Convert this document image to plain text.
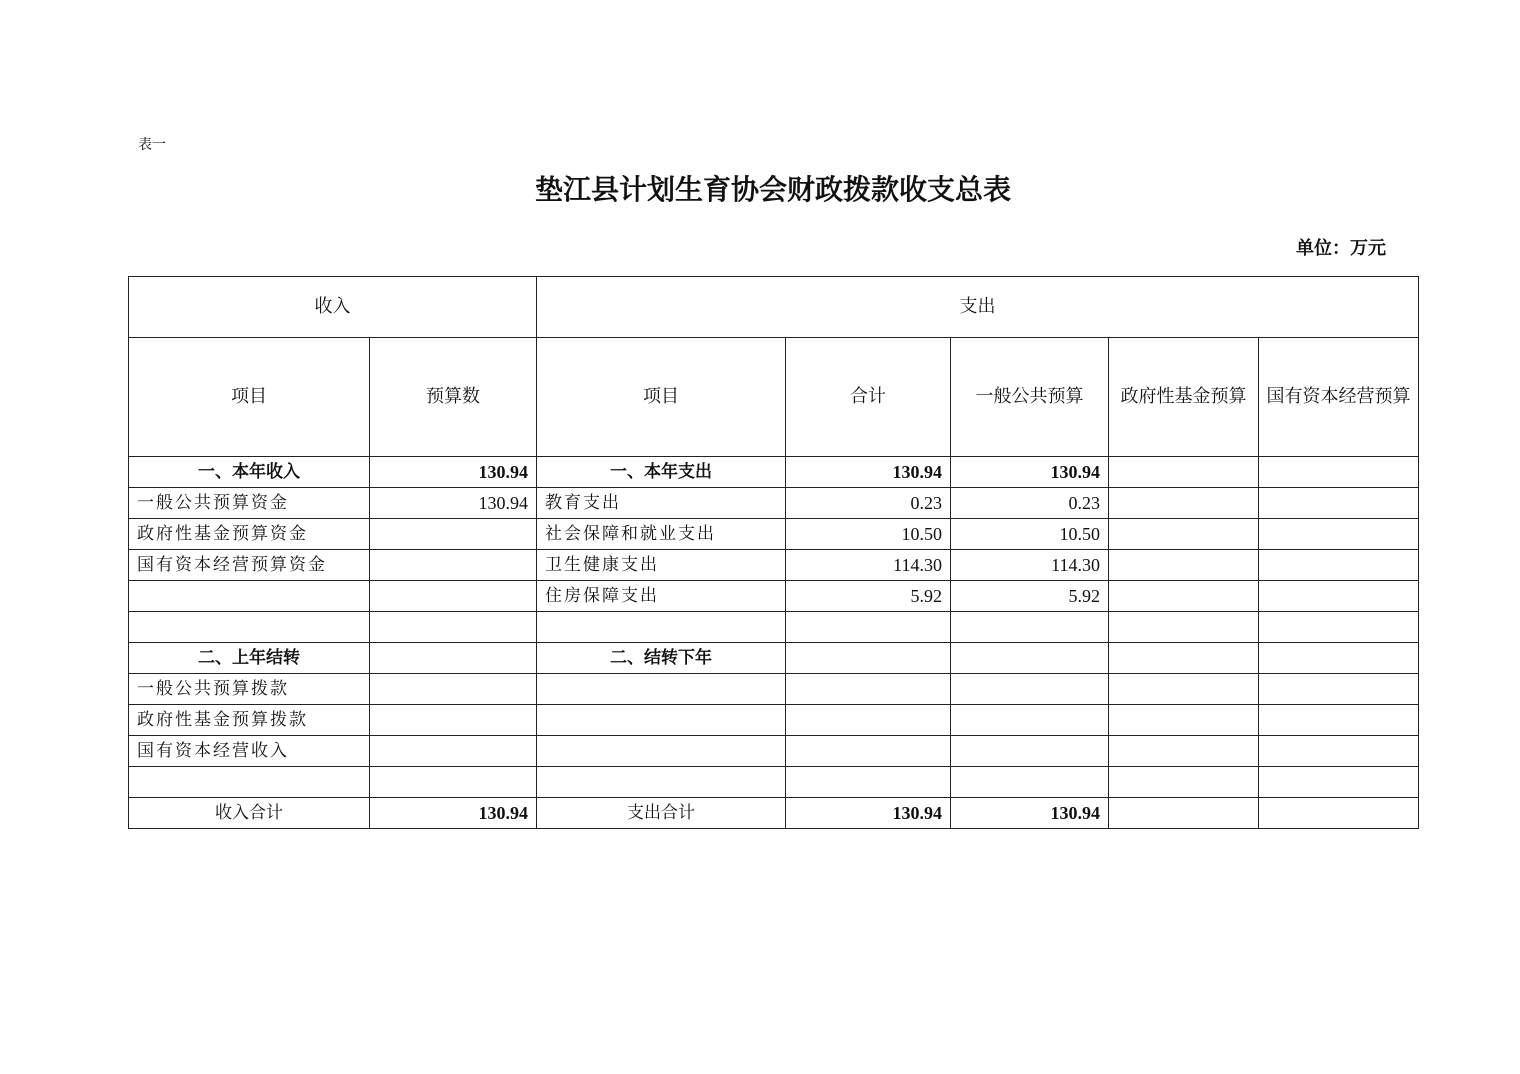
表一
垫江县计划生育协会财政拨款收支总表
单位：万元
收入		支出				
项目	预算数	项目	合计	一般公共预算	政府性基金预算	国有资本经营预算
一、本年收入	130.94	一、本年支出	130.94	130.94		
一般公共预算资金	130.94	教育支出	0.23	0.23		
政府性基金预算资金		社会保障和就业支出	10.50	10.50		
国有资本经营预算资金		卫生健康支出	114.30	114.30		
		住房保障支出	5.92	5.92		

二、上年结转		二、结转下年				
一般公共预算拨款						
政府性基金预算拨款						
国有资本经营收入						

收入合计	130.94	支出合计	130.94	130.94		
